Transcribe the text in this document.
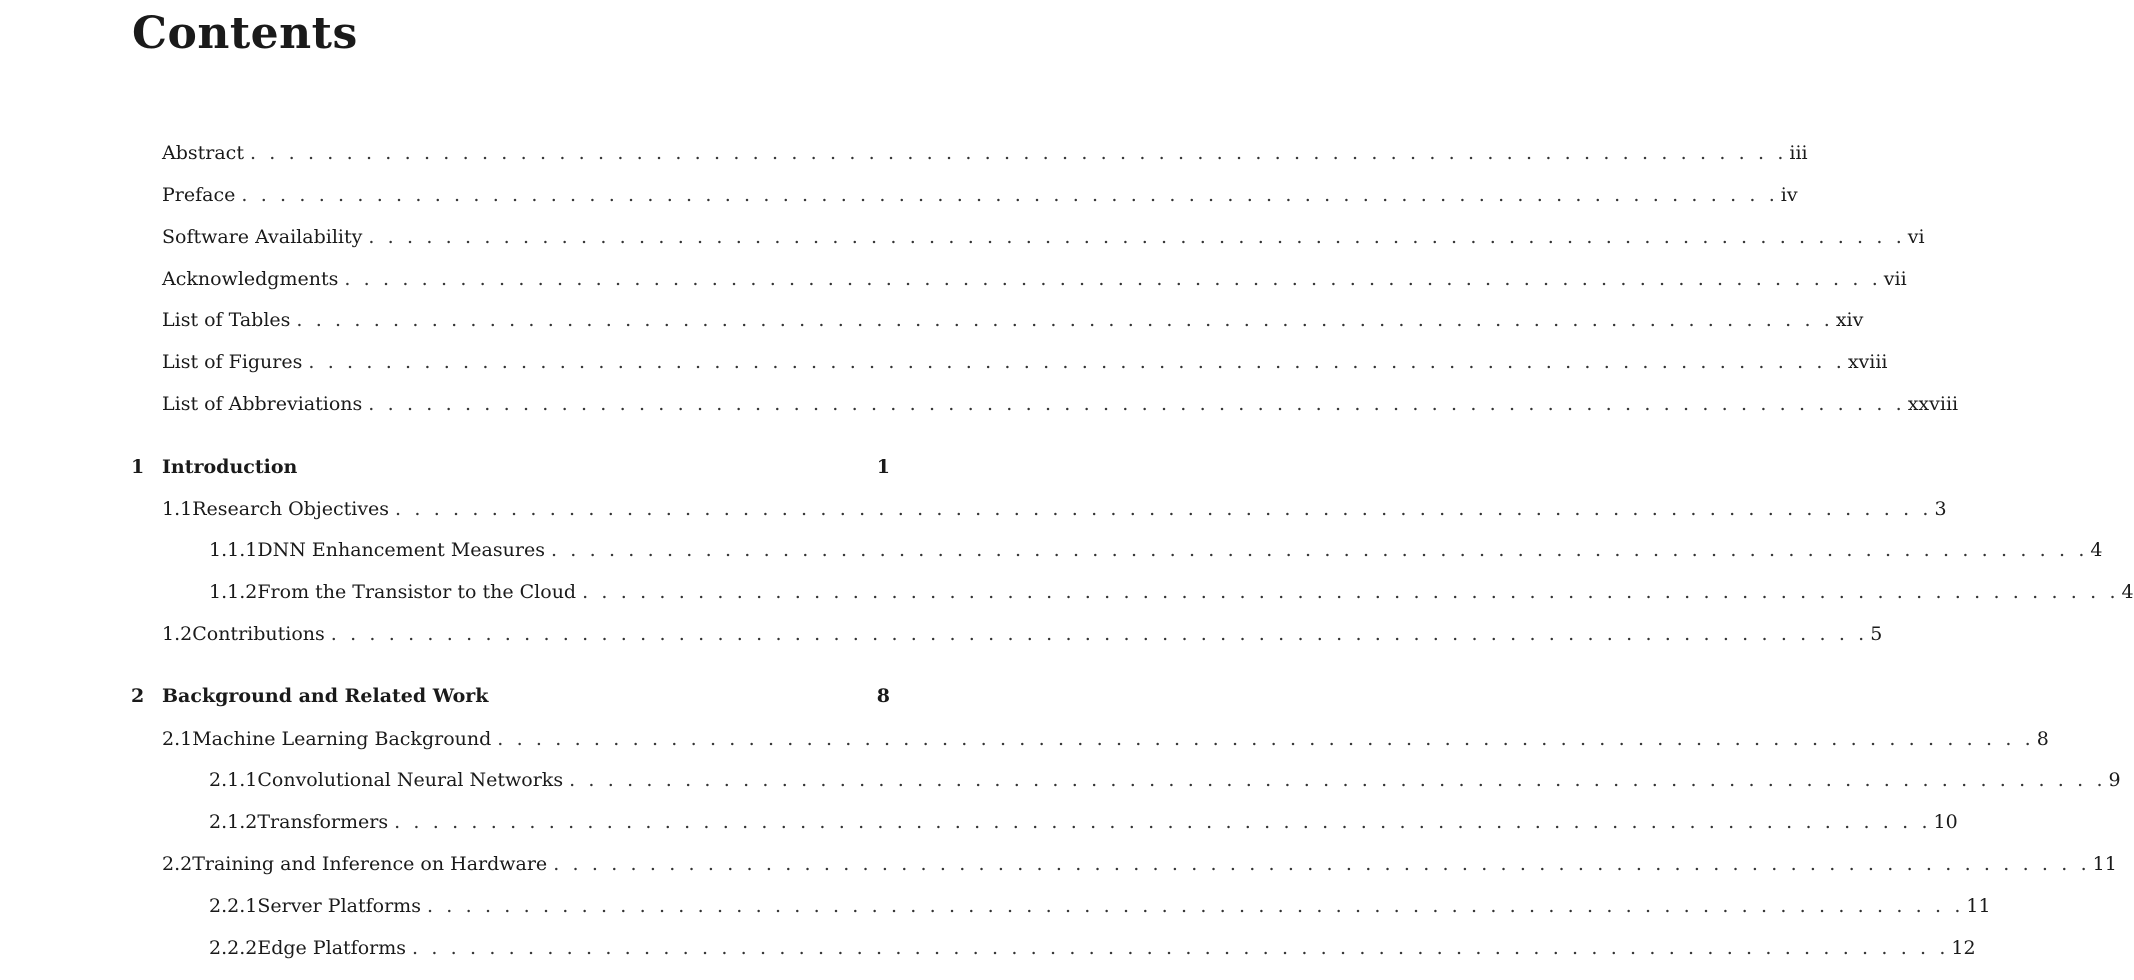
Contents
Abstract .  .  .  .  .  .  .  .  .  .  .  .  .  .  .  .  .  .  .  .  .  .  .  .  .  .  .  .  .  .  .  .  .  .  .  .  .  .  .  .  .  .  .  .  .  .  .  .  .  .  .  .  .  .  .  .  .  .  .  .  .  .  .  .  .  .  .  .  .  .  .  .  .  .  .  .  .  .  .  . iii
Preface .  .  .  .  .  .  .  .  .  .  .  .  .  .  .  .  .  .  .  .  .  .  .  .  .  .  .  .  .  .  .  .  .  .  .  .  .  .  .  .  .  .  .  .  .  .  .  .  .  .  .  .  .  .  .  .  .  .  .  .  .  .  .  .  .  .  .  .  .  .  .  .  .  .  .  .  .  .  .  . iv
Software Availability .  .  .  .  .  .  .  .  .  .  .  .  .  .  .  .  .  .  .  .  .  .  .  .  .  .  .  .  .  .  .  .  .  .  .  .  .  .  .  .  .  .  .  .  .  .  .  .  .  .  .  .  .  .  .  .  .  .  .  .  .  .  .  .  .  .  .  .  .  .  .  .  .  .  .  .  .  .  .  . vi
Acknowledgments .  .  .  .  .  .  .  .  .  .  .  .  .  .  .  .  .  .  .  .  .  .  .  .  .  .  .  .  .  .  .  .  .  .  .  .  .  .  .  .  .  .  .  .  .  .  .  .  .  .  .  .  .  .  .  .  .  .  .  .  .  .  .  .  .  .  .  .  .  .  .  .  .  .  .  .  .  .  .  . vii
List of Tables .  .  .  .  .  .  .  .  .  .  .  .  .  .  .  .  .  .  .  .  .  .  .  .  .  .  .  .  .  .  .  .  .  .  .  .  .  .  .  .  .  .  .  .  .  .  .  .  .  .  .  .  .  .  .  .  .  .  .  .  .  .  .  .  .  .  .  .  .  .  .  .  .  .  .  .  .  .  .  . xiv
List of Figures .  .  .  .  .  .  .  .  .  .  .  .  .  .  .  .  .  .  .  .  .  .  .  .  .  .  .  .  .  .  .  .  .  .  .  .  .  .  .  .  .  .  .  .  .  .  .  .  .  .  .  .  .  .  .  .  .  .  .  .  .  .  .  .  .  .  .  .  .  .  .  .  .  .  .  .  .  .  .  . xviii
List of Abbreviations .  .  .  .  .  .  .  .  .  .  .  .  .  .  .  .  .  .  .  .  .  .  .  .  .  .  .  .  .  .  .  .  .  .  .  .  .  .  .  .  .  .  .  .  .  .  .  .  .  .  .  .  .  .  .  .  .  .  .  .  .  .  .  .  .  .  .  .  .  .  .  .  .  .  .  .  .  .  .  . xxviii
1 Introduction	1
1.1 Research Objectives .  .  .  .  .  .  .  .  .  .  .  .  .  .  .  .  .  .  .  .  .  .  .  .  .  .  .  .  .  .  .  .  .  .  .  .  .  .  .  .  .  .  .  .  .  .  .  .  .  .  .  .  .  .  .  .  .  .  .  .  .  .  .  .  .  .  .  .  .  .  .  .  .  .  .  .  .  .  .  . 3
1.1.1 DNN Enhancement Measures .  .  .  .  .  .  .  .  .  .  .  .  .  .  .  .  .  .  .  .  .  .  .  .  .  .  .  .  .  .  .  .  .  .  .  .  .  .  .  .  .  .  .  .  .  .  .  .  .  .  .  .  .  .  .  .  .  .  .  .  .  .  .  .  .  .  .  .  .  .  .  .  .  .  .  .  .  .  .  . 4
1.1.2 From the Transistor to the Cloud .  .  .  .  .  .  .  .  .  .  .  .  .  .  .  .  .  .  .  .  .  .  .  .  .  .  .  .  .  .  .  .  .  .  .  .  .  .  .  .  .  .  .  .  .  .  .  .  .  .  .  .  .  .  .  .  .  .  .  .  .  .  .  .  .  .  .  .  .  .  .  .  .  .  .  .  .  .  .  . 4
1.2 Contributions .  .  .  .  .  .  .  .  .  .  .  .  .  .  .  .  .  .  .  .  .  .  .  .  .  .  .  .  .  .  .  .  .  .  .  .  .  .  .  .  .  .  .  .  .  .  .  .  .  .  .  .  .  .  .  .  .  .  .  .  .  .  .  .  .  .  .  .  .  .  .  .  .  .  .  .  .  .  .  . 5
2 Background and Related Work	8
2.1 Machine Learning Background .  .  .  .  .  .  .  .  .  .  .  .  .  .  .  .  .  .  .  .  .  .  .  .  .  .  .  .  .  .  .  .  .  .  .  .  .  .  .  .  .  .  .  .  .  .  .  .  .  .  .  .  .  .  .  .  .  .  .  .  .  .  .  .  .  .  .  .  .  .  .  .  .  .  .  .  .  .  .  . 8
2.1.1 Convolutional Neural Networks .  .  .  .  .  .  .  .  .  .  .  .  .  .  .  .  .  .  .  .  .  .  .  .  .  .  .  .  .  .  .  .  .  .  .  .  .  .  .  .  .  .  .  .  .  .  .  .  .  .  .  .  .  .  .  .  .  .  .  .  .  .  .  .  .  .  .  .  .  .  .  .  .  .  .  .  .  .  .  . 9
2.1.2 Transformers .  .  .  .  .  .  .  .  .  .  .  .  .  .  .  .  .  .  .  .  .  .  .  .  .  .  .  .  .  .  .  .  .  .  .  .  .  .  .  .  .  .  .  .  .  .  .  .  .  .  .  .  .  .  .  .  .  .  .  .  .  .  .  .  .  .  .  .  .  .  .  .  .  .  .  .  .  .  .  . 10
2.2 Training and Inference on Hardware .  .  .  .  .  .  .  .  .  .  .  .  .  .  .  .  .  .  .  .  .  .  .  .  .  .  .  .  .  .  .  .  .  .  .  .  .  .  .  .  .  .  .  .  .  .  .  .  .  .  .  .  .  .  .  .  .  .  .  .  .  .  .  .  .  .  .  .  .  .  .  .  .  .  .  .  .  .  .  . 11
2.2.1 Server Platforms .  .  .  .  .  .  .  .  .  .  .  .  .  .  .  .  .  .  .  .  .  .  .  .  .  .  .  .  .  .  .  .  .  .  .  .  .  .  .  .  .  .  .  .  .  .  .  .  .  .  .  .  .  .  .  .  .  .  .  .  .  .  .  .  .  .  .  .  .  .  .  .  .  .  .  .  .  .  .  . 11
2.2.2 Edge Platforms .  .  .  .  .  .  .  .  .  .  .  .  .  .  .  .  .  .  .  .  .  .  .  .  .  .  .  .  .  .  .  .  .  .  .  .  .  .  .  .  .  .  .  .  .  .  .  .  .  .  .  .  .  .  .  .  .  .  .  .  .  .  .  .  .  .  .  .  .  .  .  .  .  .  .  .  .  .  .  . 12
